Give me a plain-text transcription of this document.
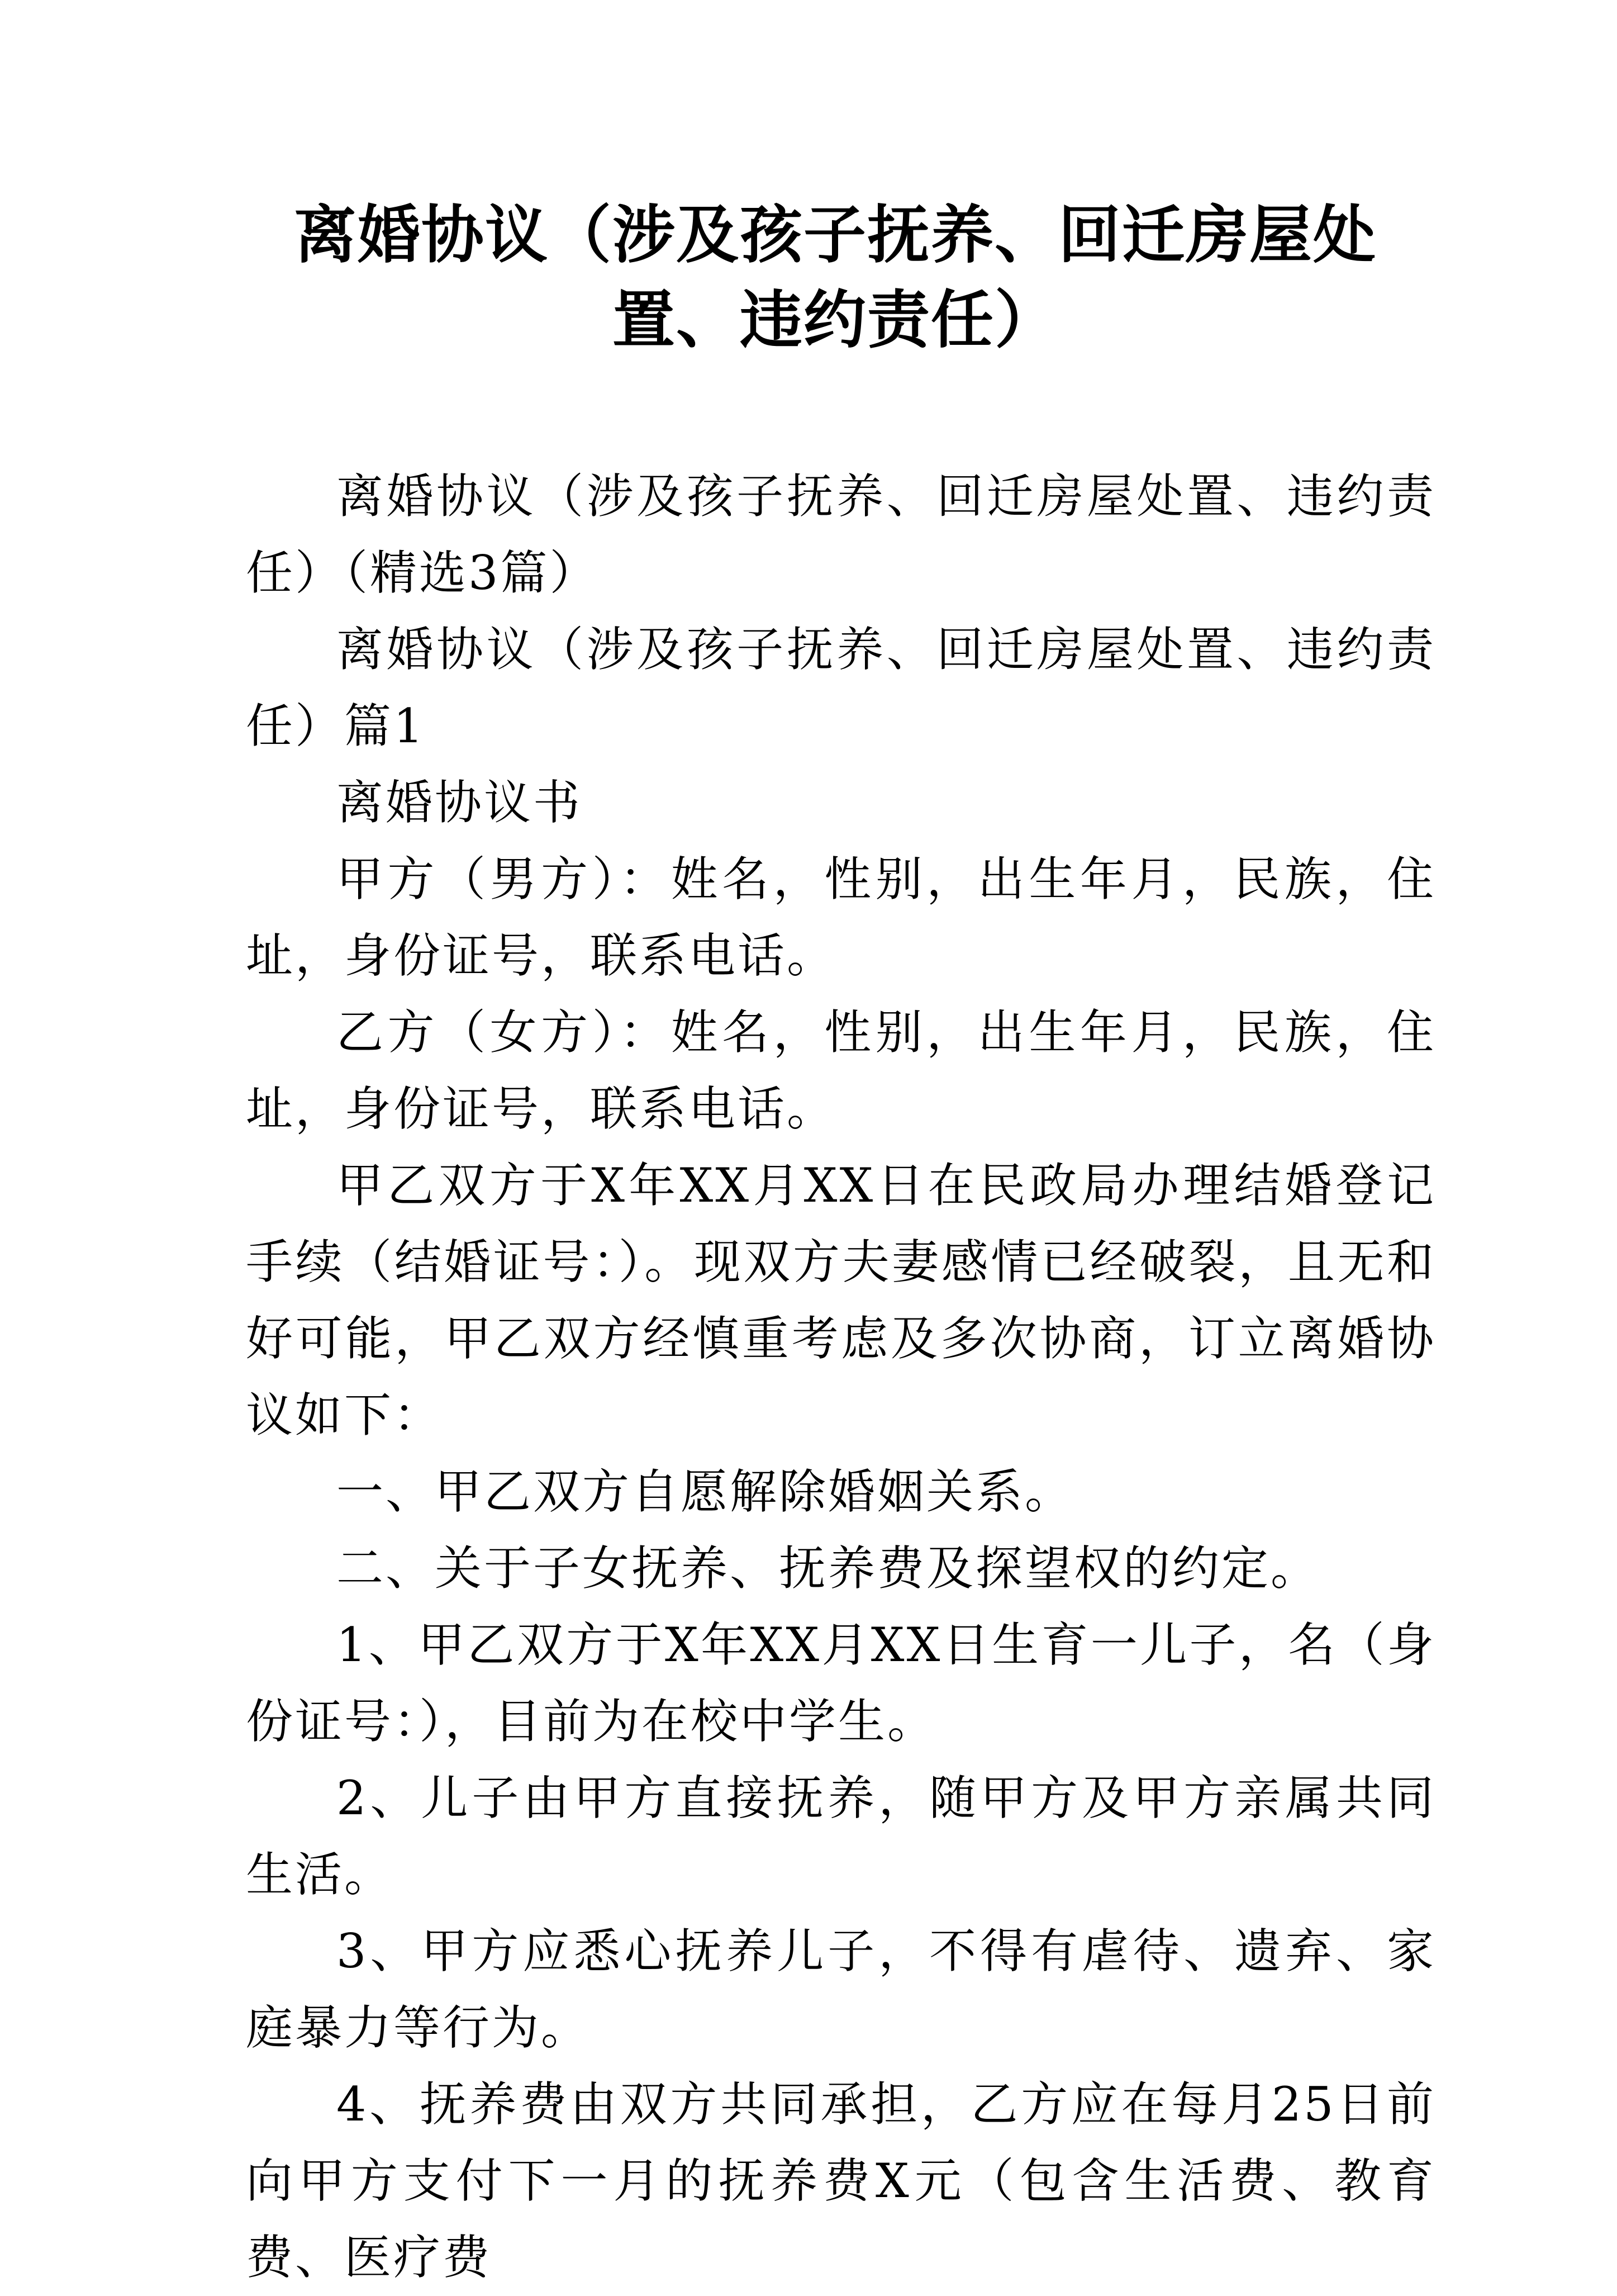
离婚协议（涉及孩子抚养、回迁房屋处置、违约责任）

离婚协议（涉及孩子抚养、回迁房屋处置、违约责任）（精选3篇）

离婚协议（涉及孩子抚养、回迁房屋处置、违约责任）篇1

离婚协议书

甲方（男方）：姓名，性别，出生年月，民族，住址，身份证号，联系电话。

乙方（女方）：姓名，性别，出生年月，民族，住址，身份证号，联系电话。

甲乙双方于X年XX月XX日在民政局办理结婚登记手续（结婚证号：）。现双方夫妻感情已经破裂，且无和好可能，甲乙双方经慎重考虑及多次协商，订立离婚协议如下：

一、甲乙双方自愿解除婚姻关系。

二、关于子女抚养、抚养费及探望权的约定。

1、甲乙双方于X年XX月XX日生育一儿子，名（身份证号：），目前为在校中学生。

2、儿子由甲方直接抚养，随甲方及甲方亲属共同生活。

3、甲方应悉心抚养儿子，不得有虐待、遗弃、家庭暴力等行为。

4、抚养费由双方共同承担，乙方应在每月25日前向甲方支付下一月的抚养费X元（包含生活费、教育费、医疗费
